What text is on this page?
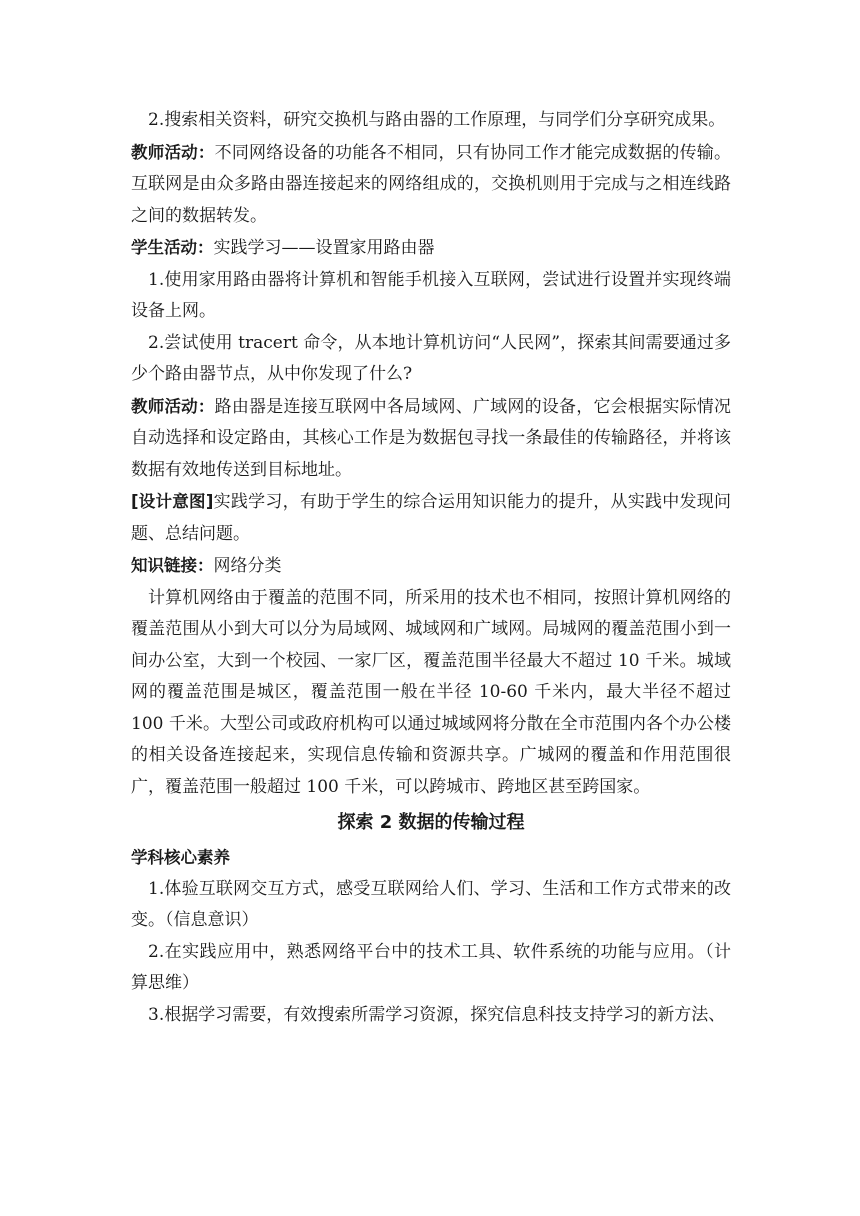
2.搜索相关资料，研究交换机与路由器的工作原理，与同学们分享研究成果。

教师活动：不同网络设备的功能各不相同，只有协同工作才能完成数据的传输。互联网是由众多路由器连接起来的网络组成的，交换机则用于完成与之相连线路之间的数据转发。

学生活动：实践学习——设置家用路由器

1.使用家用路由器将计算机和智能手机接入互联网，尝试进行设置并实现终端设备上网。

2.尝试使用 tracert 命令，从本地计算机访问“人民网”，探索其间需要通过多少个路由器节点，从中你发现了什么?

教师活动：路由器是连接互联网中各局域网、广域网的设备，它会根据实际情况自动选择和设定路由，其核心工作是为数据包寻找一条最佳的传输路径，并将该数据有效地传送到目标地址。

[设计意图]实践学习，有助于学生的综合运用知识能力的提升，从实践中发现问题、总结问题。

知识链接：网络分类

计算机网络由于覆盖的范围不同，所采用的技术也不相同，按照计算机网络的覆盖范围从小到大可以分为局域网、城域网和广域网。局城网的覆盖范围小到一间办公室，大到一个校园、一家厂区，覆盖范围半径最大不超过 10 千米。城域网的覆盖范围是城区，覆盖范围一般在半径 10-60 千米内，最大半径不超过 100 千米。大型公司或政府机构可以通过城域网将分散在全市范围内各个办公楼的相关设备连接起来，实现信息传输和资源共享。广城网的覆盖和作用范围很广，覆盖范围一般超过 100 千米，可以跨城市、跨地区甚至跨国家。

探索 2 数据的传输过程

学科核心素养

1.体验互联网交互方式，感受互联网给人们、学习、生活和工作方式带来的改变。（信息意识）

2.在实践应用中，熟悉网络平台中的技术工具、软件系统的功能与应用。（计算思维）

3.根据学习需要，有效搜索所需学习资源，探究信息科技支持学习的新方法、
